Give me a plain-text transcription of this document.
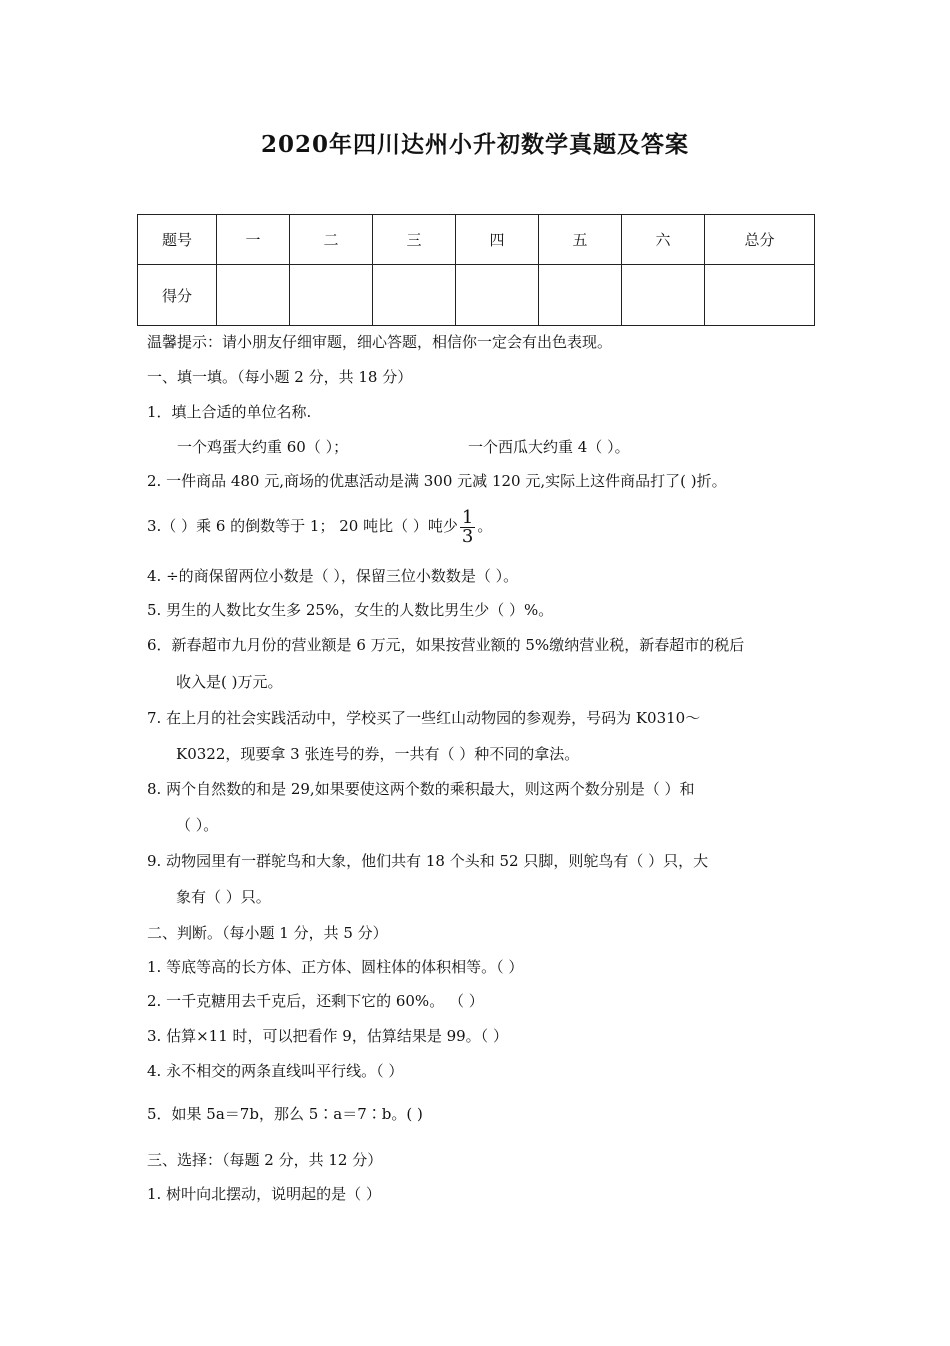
2020年四川达州小升初数学真题及答案
题号	一	二	三	四	五	六	总分
得分							
温馨提示：请小朋友仔细审题，细心答题，相信你一定会有出色表现。
一、填一填。（每小题 2 分，共 18 分）
1．填上合适的单位名称.
一个鸡蛋大约重 60（ ）；	一个西瓜大约重 4（ ）。
2. 一件商品 480 元,商场的优惠活动是满 300 元减 120 元,实际上这件商品打了( )折。
3.（ ）乘 6 的倒数等于 1； 20 吨比（ ）吨少 $\frac{1}{3}$ 。
4. ÷的商保留两位小数是（ ），保留三位小数数是（ ）。
5. 男生的人数比女生多 25%，女生的人数比男生少（ ）%。
6．新春超市九月份的营业额是 6 万元，如果按营业额的 5%缴纳营业税，新春超市的税后
收入是( )万元。
7. 在上月的社会实践活动中，学校买了一些红山动物园的参观券，号码为 K0310～
K0322，现要拿 3 张连号的券，一共有（ ）种不同的拿法。
8. 两个自然数的和是 29,如果要使这两个数的乘积最大，则这两个数分别是（ ）和
（ ）。
9. 动物园里有一群鸵鸟和大象，他们共有 18 个头和 52 只脚，则鸵鸟有（ ）只，大
象有（ ）只。
二、判断。（每小题 1 分，共 5 分）
1. 等底等高的长方体、正方体、圆柱体的体积相等。（ ）
2. 一千克糖用去千克后，还剩下它的 60%。 （ ）
3. 估算×11 时，可以把看作 9，估算结果是 99。（ ）
4. 永不相交的两条直线叫平行线。（ ）
5．如果 5a＝7b，那么 5∶a＝7∶b。( )
三、选择：（每题 2 分，共 12 分）
1. 树叶向北摆动，说明起的是（ ）
